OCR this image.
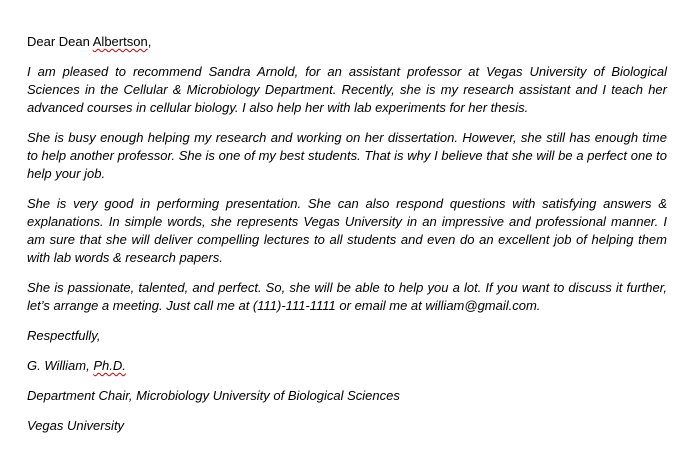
Dear Dean Albertson,

I am pleased to recommend Sandra Arnold, for an assistant professor at Vegas University of Biological Sciences in the Cellular & Microbiology Department. Recently, she is my research assistant and I teach her advanced courses in cellular biology. I also help her with lab experiments for her thesis.

She is busy enough helping my research and working on her dissertation. However, she still has enough time to help another professor. She is one of my best students. That is why I believe that she will be a perfect one to help your job.

She is very good in performing presentation. She can also respond questions with satisfying answers & explanations. In simple words, she represents Vegas University in an impressive and professional manner. I am sure that she will deliver compelling lectures to all students and even do an excellent job of helping them with lab words & research papers.

She is passionate, talented, and perfect. So, she will be able to help you a lot. If you want to discuss it further, let’s arrange a meeting. Just call me at (111)-111-1111 or email me at william@gmail.com.

Respectfully,

G. William, Ph.D.

Department Chair, Microbiology University of Biological Sciences

Vegas University
